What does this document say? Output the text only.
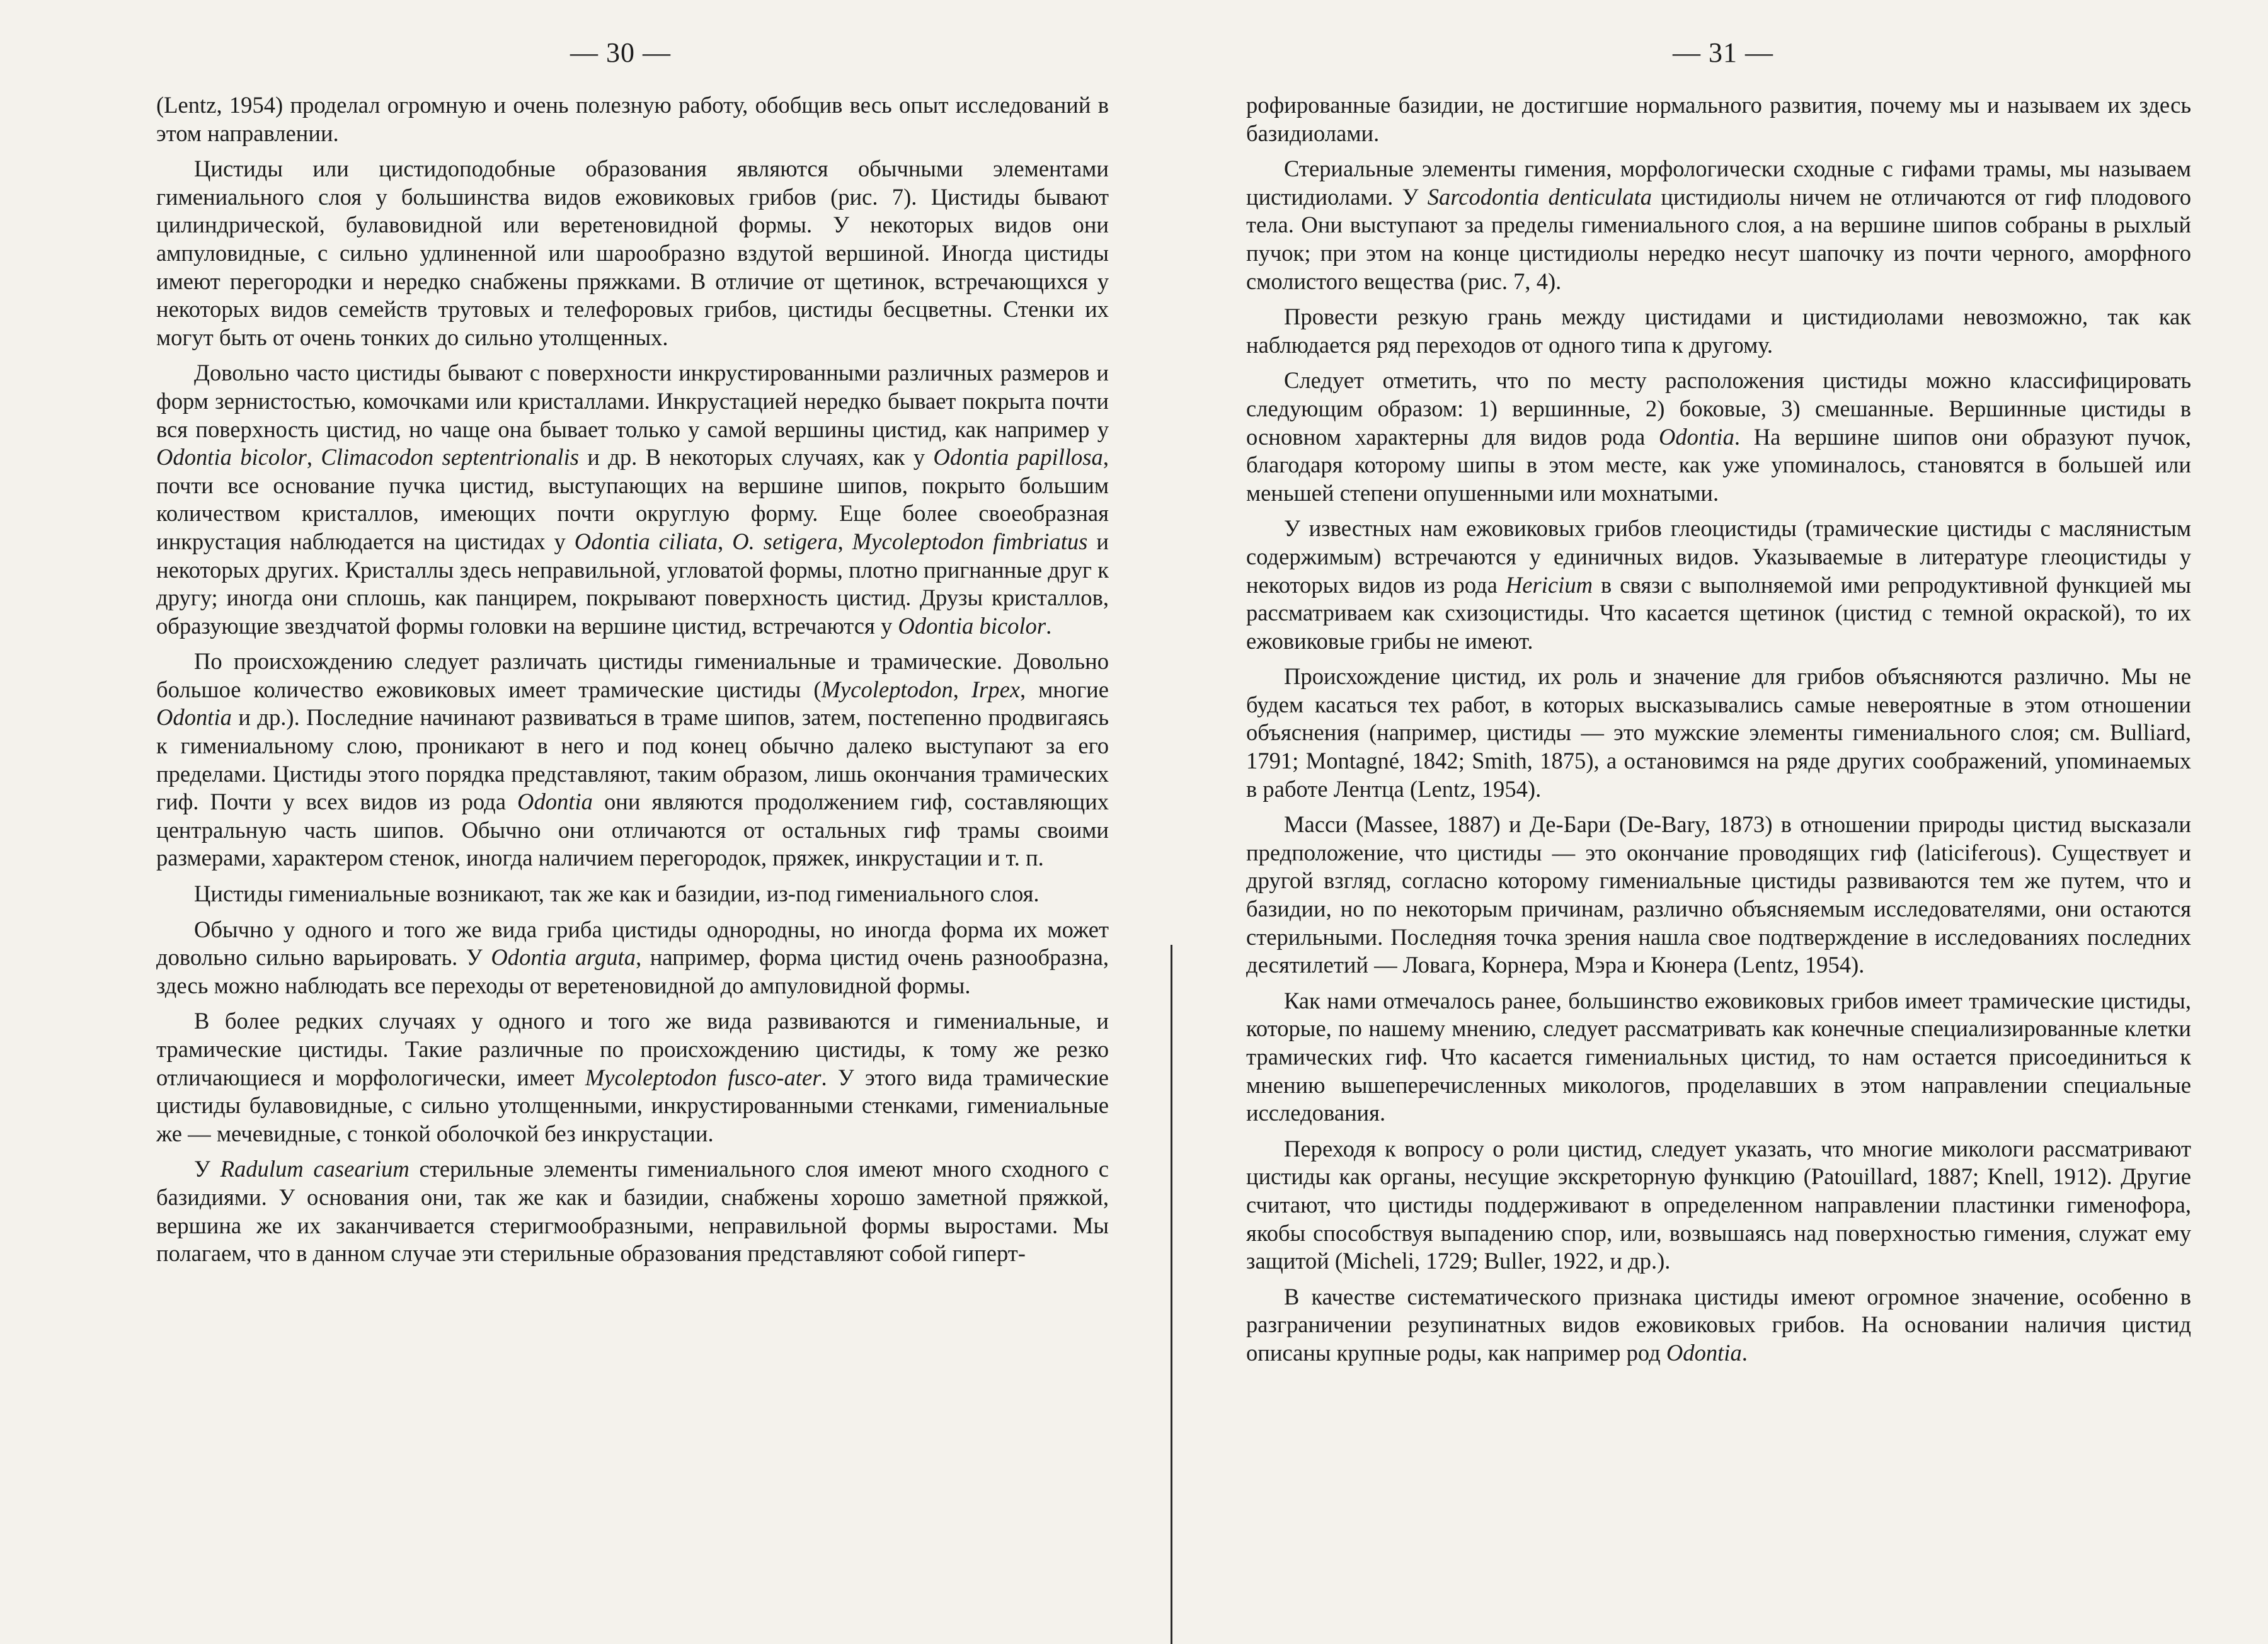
— 30 —

(Lentz, 1954) проделал огромную и очень полезную работу, обобщив весь опыт исследований в этом направлении.

Цистиды или цистидоподобные образования являются обычными элементами гимениального слоя у большинства видов ежовиковых грибов (рис. 7). Цистиды бывают цилиндрической, булавовидной или веретеновидной формы. У некоторых видов они ампуловидные, с сильно удлиненной или шарообразно вздутой вершиной. Иногда цистиды имеют перегородки и нередко снабжены пряжками. В отличие от щетинок, встречающихся у некоторых видов семейств трутовых и телефоровых грибов, цистиды бесцветны. Стенки их могут быть от очень тонких до сильно утолщенных.

Довольно часто цистиды бывают с поверхности инкрустированными различных размеров и форм зернистостью, комочками или кристаллами. Инкрустацией нередко бывает покрыта почти вся поверхность цистид, но чаще она бывает только у самой вершины цистид, как например у Odontia bicolor, Climacodon septentrionalis и др. В некоторых случаях, как у Odontia papillosa, почти все основание пучка цистид, выступающих на вершине шипов, покрыто большим количеством кристаллов, имеющих почти округлую форму. Еще более своеобразная инкрустация наблюдается на цистидах у Odontia ciliata, O. setigera, Mycoleptodon fimbriatus и некоторых других. Кристаллы здесь неправильной, угловатой формы, плотно пригнанные друг к другу; иногда они сплошь, как панцирем, покрывают поверхность цистид. Друзы кристаллов, образующие звездчатой формы головки на вершине цистид, встречаются у Odontia bicolor.

По происхождению следует различать цистиды гимениальные и трамические. Довольно большое количество ежовиковых имеет трамические цистиды (Mycoleptodon, Irpex, многие Odontia и др.). Последние начинают развиваться в траме шипов, затем, постепенно продвигаясь к гимениальному слою, проникают в него и под конец обычно далеко выступают за его пределами. Цистиды этого порядка представляют, таким образом, лишь окончания трамических гиф. Почти у всех видов из рода Odontia они являются продолжением гиф, составляющих центральную часть шипов. Обычно они отличаются от остальных гиф трамы своими размерами, характером стенок, иногда наличием перегородок, пряжек, инкрустации и т. п.

Цистиды гимениальные возникают, так же как и базидии, из-под гимениального слоя.

Обычно у одного и того же вида гриба цистиды однородны, но иногда форма их может довольно сильно варьировать. У Odontia arguta, например, форма цистид очень разнообразна, здесь можно наблюдать все переходы от веретеновидной до ампуловидной формы.

В более редких случаях у одного и того же вида развиваются и гимениальные, и трамические цистиды. Такие различные по происхождению цистиды, к тому же резко отличающиеся и морфологически, имеет Mycoleptodon fusco-ater. У этого вида трамические цистиды булавовидные, с сильно утолщенными, инкрустированными стенками, гимениальные же — мечевидные, с тонкой оболочкой без инкрустации.

У Radulum casearium стерильные элементы гимениального слоя имеют много сходного с базидиями. У основания они, так же как и базидии, снабжены хорошо заметной пряжкой, вершина же их заканчивается стеригмообразными, неправильной формы выростами. Мы полагаем, что в данном случае эти стерильные образования представляют собой гиперт-

— 31 —

рофированные базидии, не достигшие нормального развития, почему мы и называем их здесь базидиолами.

Стериальные элементы гимения, морфологически сходные с гифами трамы, мы называем цистидиолами. У Sarcodontia denticulata цистидиолы ничем не отличаются от гиф плодового тела. Они выступают за пределы гимениального слоя, а на вершине шипов собраны в рыхлый пучок; при этом на конце цистидиолы нередко несут шапочку из почти черного, аморфного смолистого вещества (рис. 7, 4).

Провести резкую грань между цистидами и цистидиолами невозможно, так как наблюдается ряд переходов от одного типа к другому.

Следует отметить, что по месту расположения цистиды можно классифицировать следующим образом: 1) вершинные, 2) боковые, 3) смешанные. Вершинные цистиды в основном характерны для видов рода Odontia. На вершине шипов они образуют пучок, благодаря которому шипы в этом месте, как уже упоминалось, становятся в большей или меньшей степени опушенными или мохнатыми.

У известных нам ежовиковых грибов глеоцистиды (трамические цистиды с маслянистым содержимым) встречаются у единичных видов. Указываемые в литературе глеоцистиды у некоторых видов из рода Hericium в связи с выполняемой ими репродуктивной функцией мы рассматриваем как схизоцистиды. Что касается щетинок (цистид с темной окраской), то их ежовиковые грибы не имеют.

Происхождение цистид, их роль и значение для грибов объясняются различно. Мы не будем касаться тех работ, в которых высказывались самые невероятные в этом отношении объяснения (например, цистиды — это мужские элементы гимениального слоя; см. Bulliard, 1791; Montagné, 1842; Smith, 1875), а остановимся на ряде других соображений, упоминаемых в работе Лентца (Lentz, 1954).

Масси (Massee, 1887) и Де-Бари (De-Bary, 1873) в отношении природы цистид высказали предположение, что цистиды — это окончание проводящих гиф (laticiferous). Существует и другой взгляд, согласно которому гимениальные цистиды развиваются тем же путем, что и базидии, но по некоторым причинам, различно объясняемым исследователями, они остаются стерильными. Последняя точка зрения нашла свое подтверждение в исследованиях последних десятилетий — Ловага, Корнера, Мэра и Кюнера (Lentz, 1954).

Как нами отмечалось ранее, большинство ежовиковых грибов имеет трамические цистиды, которые, по нашему мнению, следует рассматривать как конечные специализированные клетки трамических гиф. Что касается гимениальных цистид, то нам остается присоединиться к мнению вышеперечисленных микологов, проделавших в этом направлении специальные исследования.

Переходя к вопросу о роли цистид, следует указать, что многие микологи рассматривают цистиды как органы, несущие экскреторную функцию (Patouillard, 1887; Knell, 1912). Другие считают, что цистиды поддерживают в определенном направлении пластинки гименофора, якобы способствуя выпадению спор, или, возвышаясь над поверхностью гимения, служат ему защитой (Micheli, 1729; Buller, 1922, и др.).

В качестве систематического признака цистиды имеют огромное значение, особенно в разграничении резупинатных видов ежовиковых грибов. На основании наличия цистид описаны крупные роды, как например род Odontia.
